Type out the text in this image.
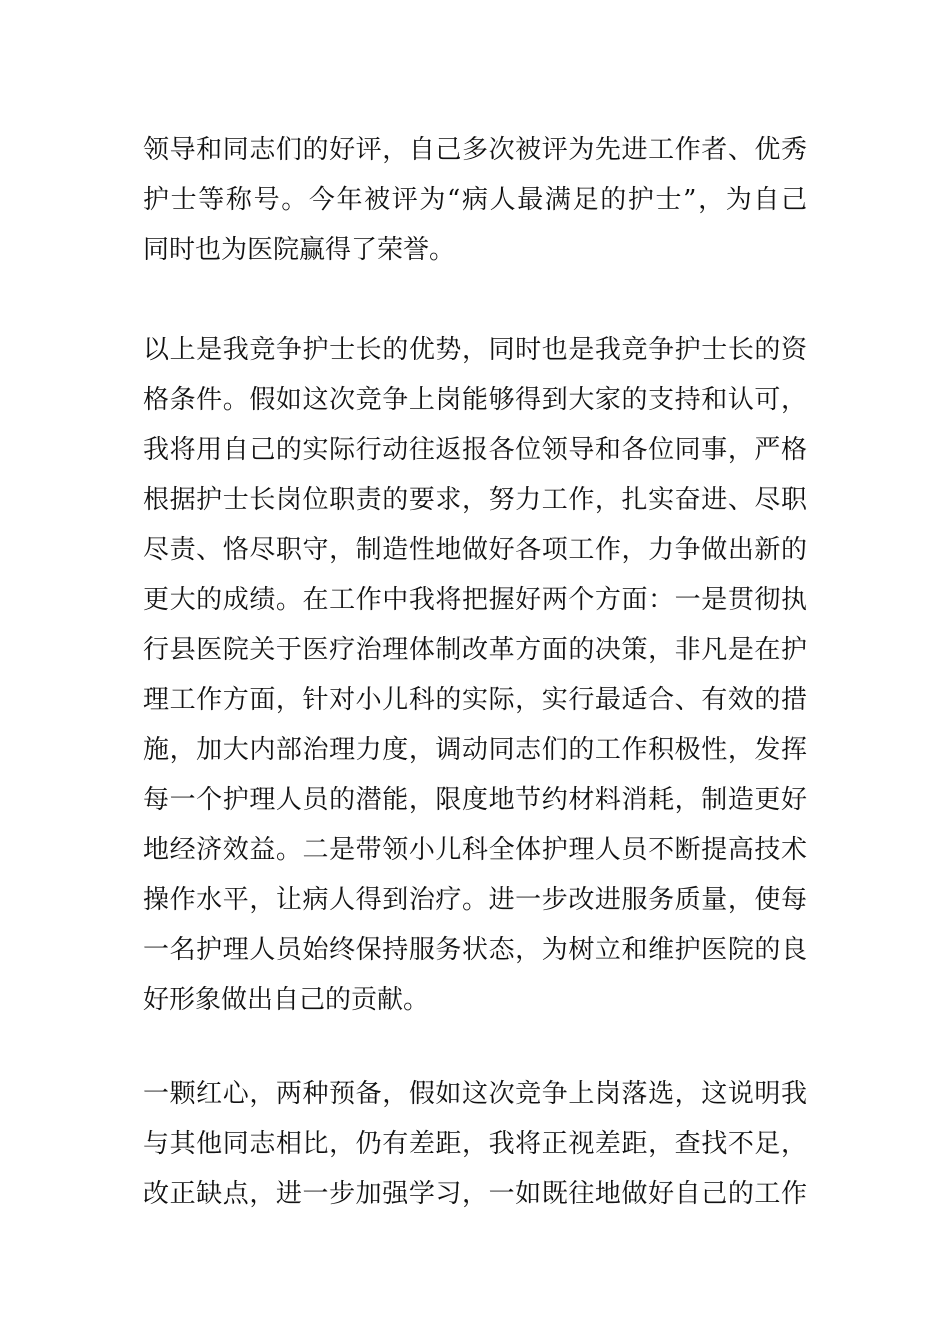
领导和同志们的好评，自己多次被评为先进工作者、优秀
护士等称号。今年被评为“病人最满足的护士”，为自己
同时也为医院赢得了荣誉。
以上是我竞争护士长的优势，同时也是我竞争护士长的资
格条件。假如这次竞争上岗能够得到大家的支持和认可，
我将用自己的实际行动往返报各位领导和各位同事，严格
根据护士长岗位职责的要求，努力工作，扎实奋进、尽职
尽责、恪尽职守，制造性地做好各项工作，力争做出新的
更大的成绩。在工作中我将把握好两个方面：一是贯彻执
行县医院关于医疗治理体制改革方面的决策，非凡是在护
理工作方面，针对小儿科的实际，实行最适合、有效的措
施，加大内部治理力度，调动同志们的工作积极性，发挥
每一个护理人员的潜能，限度地节约材料消耗，制造更好
地经济效益。二是带领小儿科全体护理人员不断提高技术
操作水平，让病人得到治疗。进一步改进服务质量，使每
一名护理人员始终保持服务状态，为树立和维护医院的良
好形象做出自己的贡献。
一颗红心，两种预备，假如这次竞争上岗落选，这说明我
与其他同志相比，仍有差距，我将正视差距，查找不足，
改正缺点，进一步加强学习，一如既往地做好自己的工作
